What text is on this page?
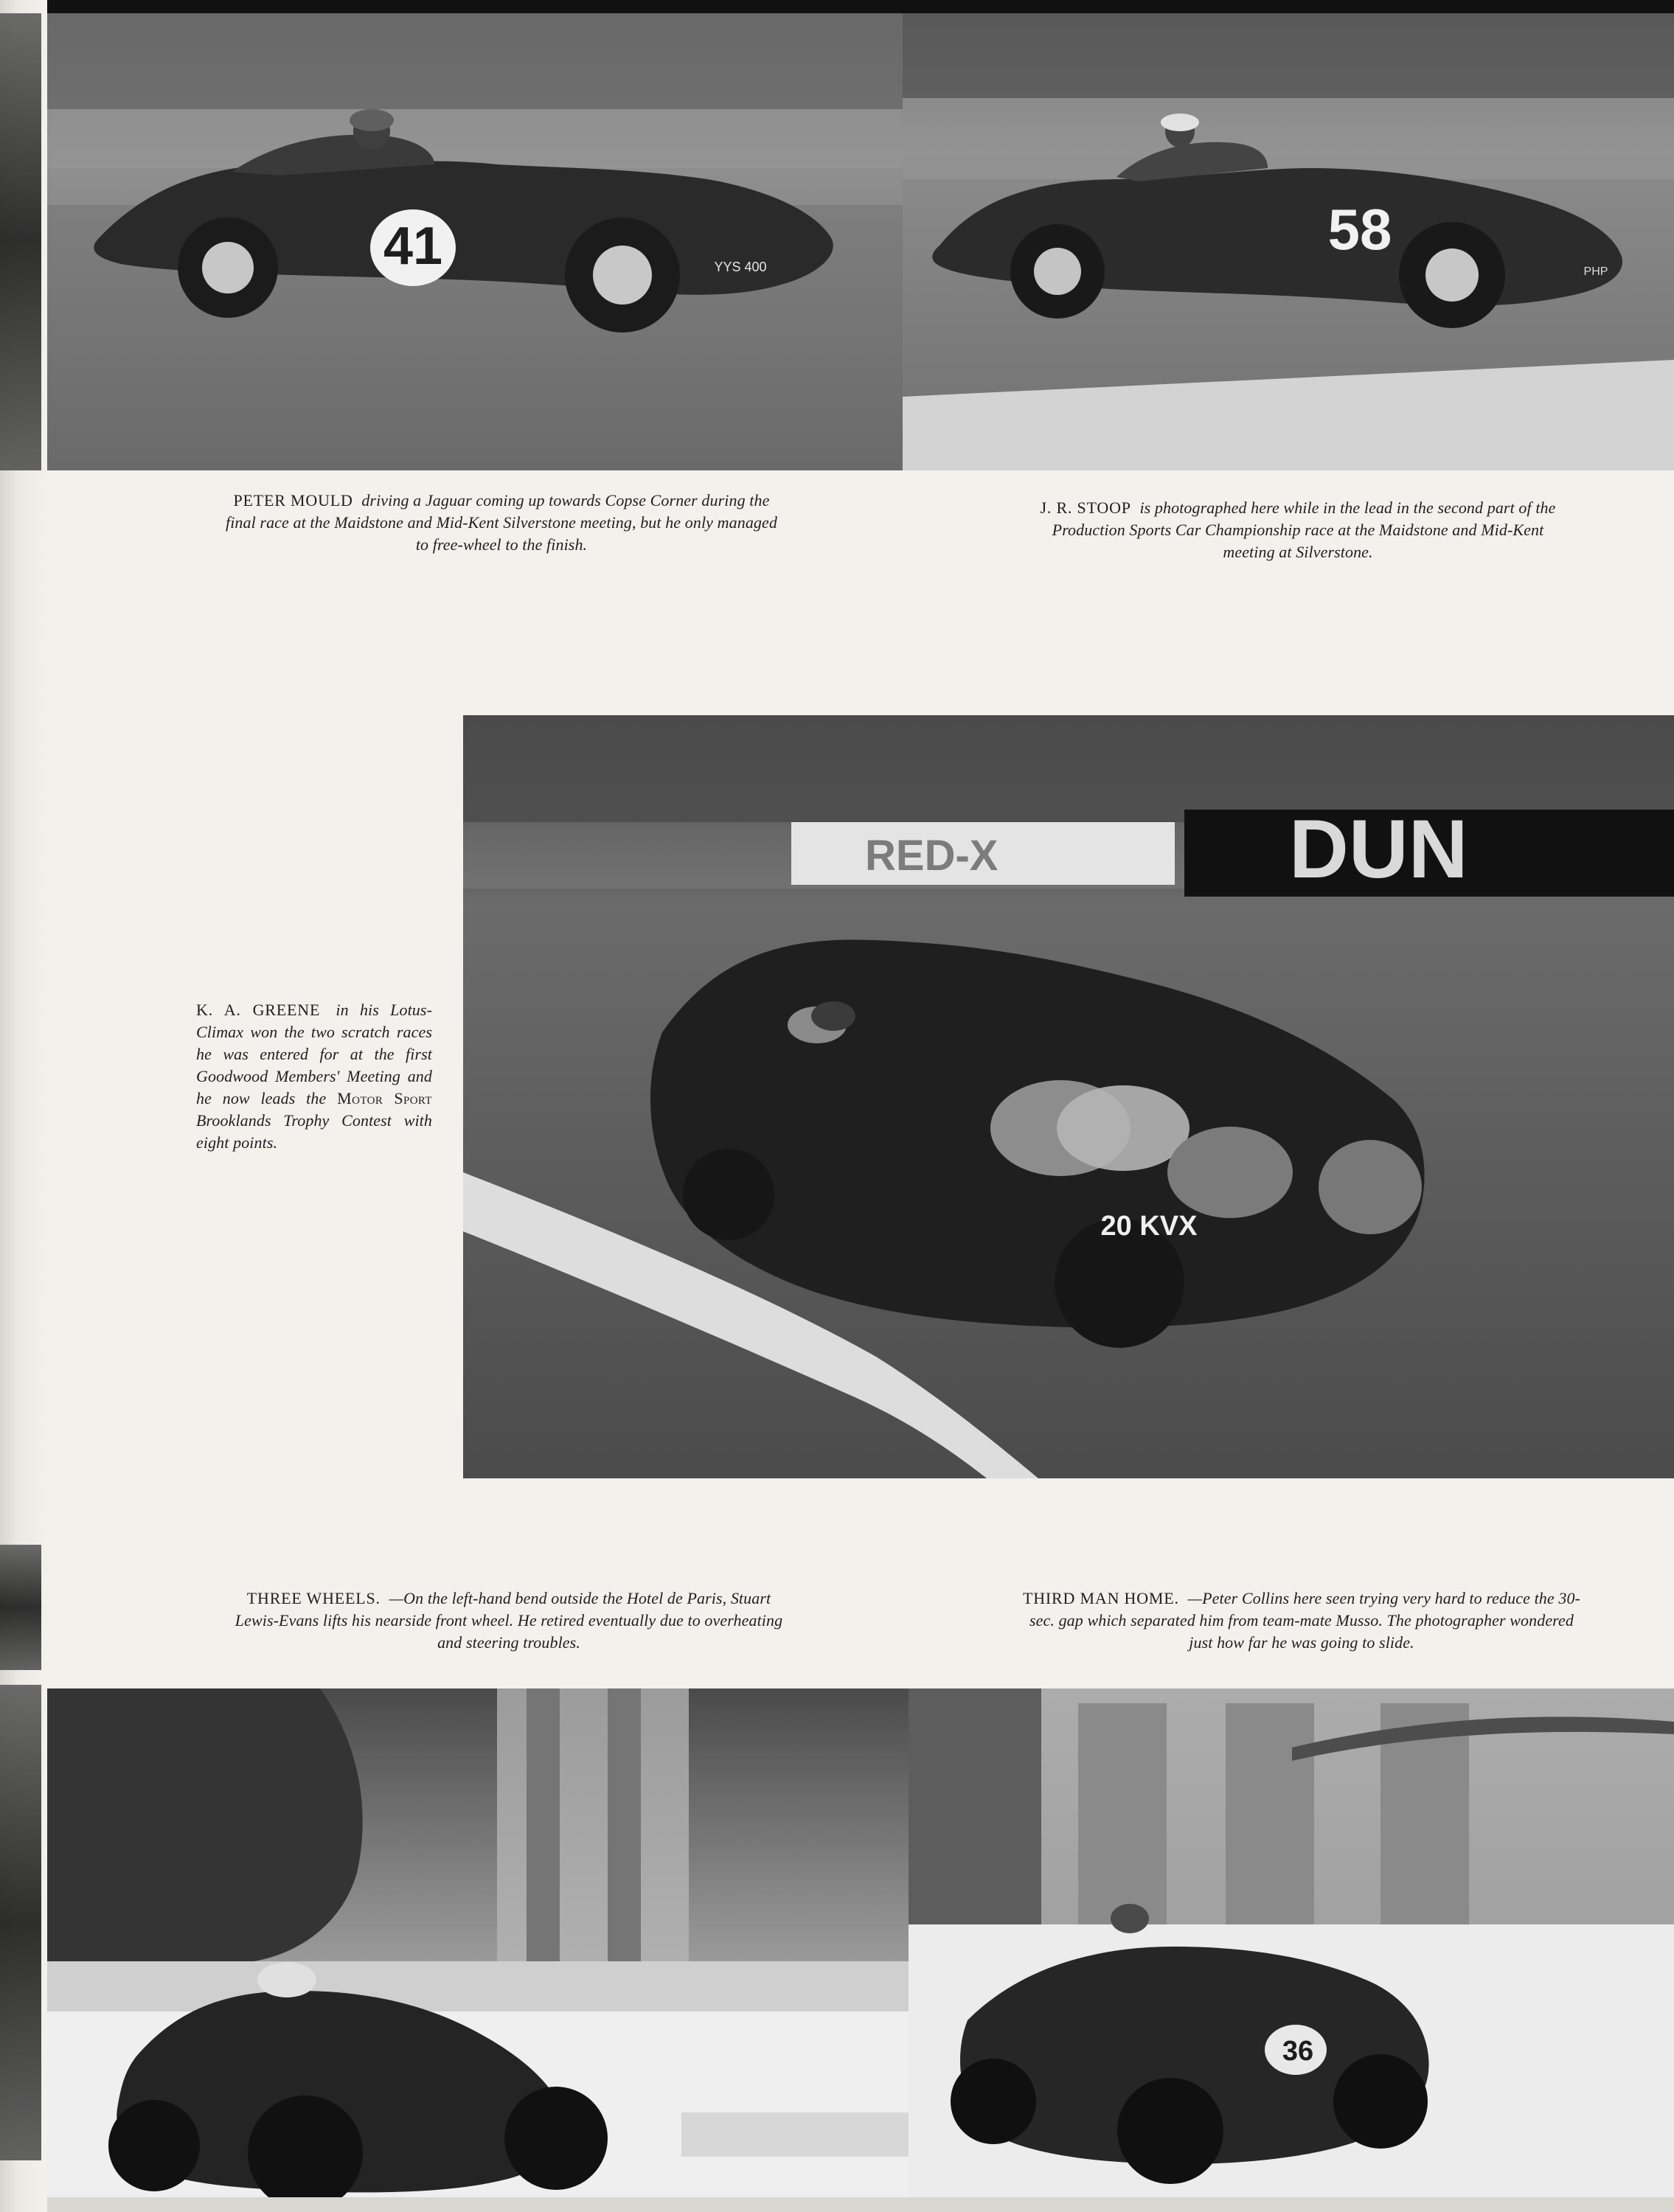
41	YYS 400
58
PHP
PETER MOULD driving a Jaguar coming up towards Copse Corner during the final race at the Maidstone and Mid-Kent Silverstone meeting, but he only managed to free-wheel to the finish.
J. R. STOOP is photographed here while in the lead in the second part of the Production Sports Car Championship race at the Maidstone and Mid-Kent meeting at Silverstone.
RED-X	DUN
20 KVX
K. A. GREENE in his Lotus-Climax won the two scratch races he was entered for at the first Goodwood Members' Meeting and he now leads the Motor Sport Brooklands Trophy Contest with eight points.
THREE WHEELS. —On the left-hand bend outside the Hotel de Paris, Stuart Lewis-Evans lifts his nearside front wheel. He retired eventually due to overheating and steering troubles.
THIRD MAN HOME. —Peter Collins here seen trying very hard to reduce the 30-sec. gap which separated him from team-mate Musso. The photographer wondered just how far he was going to slide.
36
